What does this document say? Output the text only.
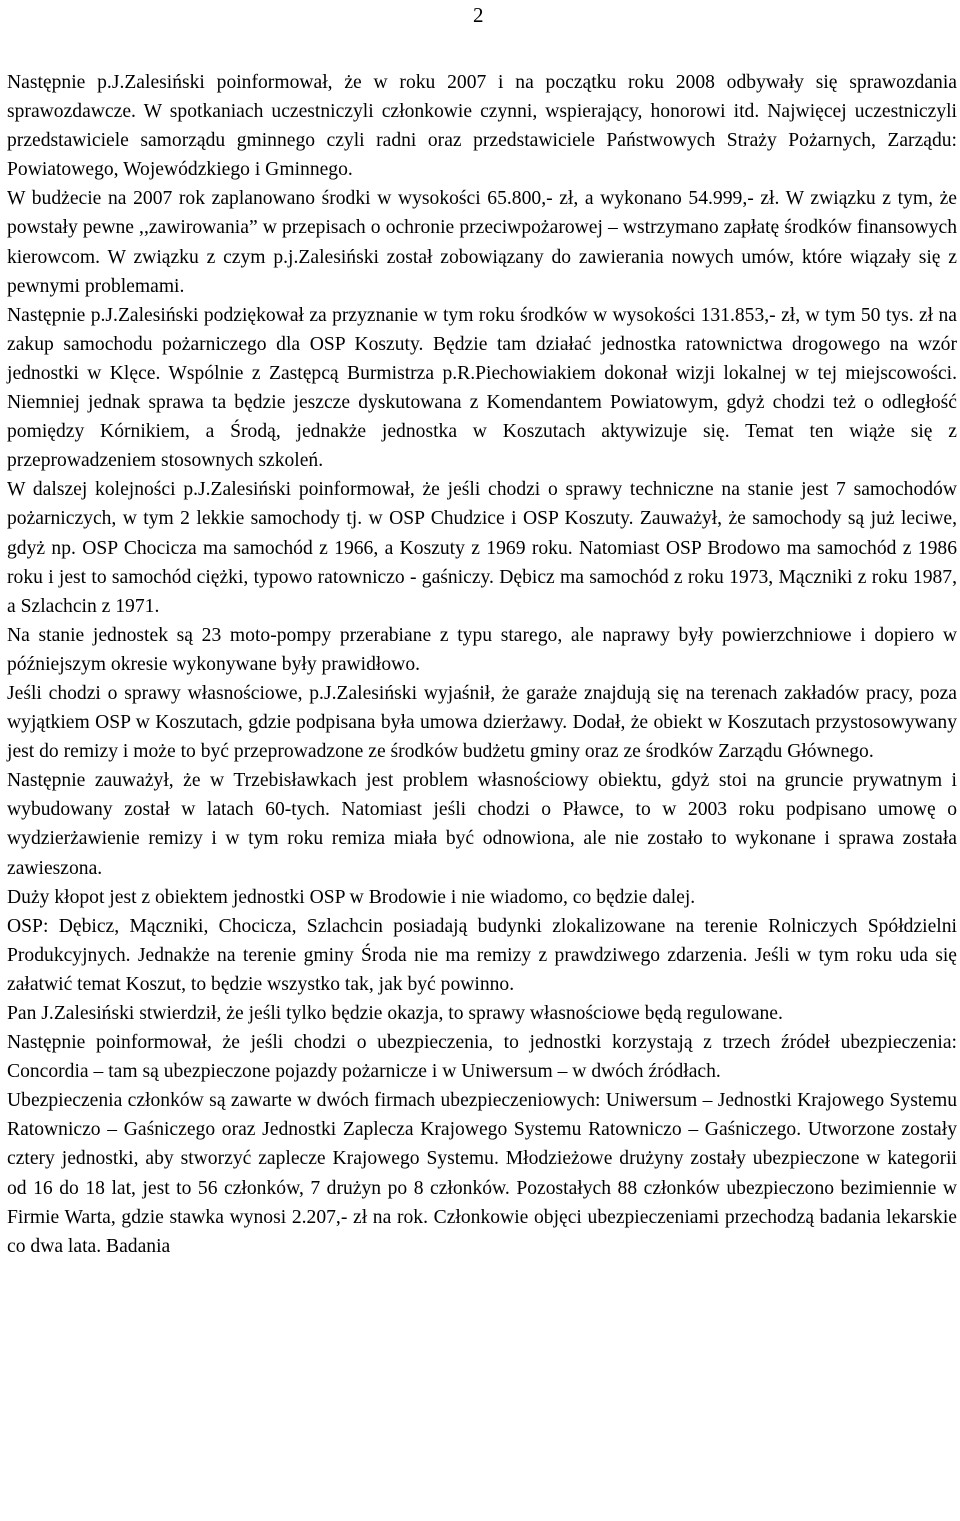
2

Następnie p.J.Zalesiński poinformował, że w roku 2007 i na początku roku 2008 odbywały się sprawozdania sprawozdawcze. W spotkaniach uczestniczyli członkowie czynni, wspierający, honorowi itd. Najwięcej uczestniczyli przedstawiciele samorządu gminnego czyli radni oraz przedstawiciele Państwowych Straży Pożarnych, Zarządu: Powiatowego, Wojewódzkiego i Gminnego.

W budżecie na 2007 rok zaplanowano środki w wysokości 65.800,- zł, a wykonano 54.999,- zł. W związku z tym, że powstały pewne ,,zawirowania” w przepisach o ochronie przeciwpożarowej – wstrzymano zapłatę środków finansowych kierowcom. W związku z czym p.j.Zalesiński został zobowiązany do zawierania nowych umów, które wiązały się z pewnymi problemami.

Następnie p.J.Zalesiński podziękował za przyznanie w tym roku środków w wysokości 131.853,- zł, w tym 50 tys. zł na zakup samochodu pożarniczego dla OSP Koszuty. Będzie tam działać jednostka ratownictwa drogowego na wzór jednostki w Klęce. Wspólnie z Zastępcą Burmistrza p.R.Piechowiakiem dokonał wizji lokalnej w tej miejscowości. Niemniej jednak sprawa ta będzie jeszcze dyskutowana z Komendantem Powiatowym, gdyż chodzi też o odległość pomiędzy Kórnikiem, a Środą, jednakże jednostka w Koszutach aktywizuje się. Temat ten wiąże się z przeprowadzeniem stosownych szkoleń.

W dalszej kolejności p.J.Zalesiński poinformował, że jeśli chodzi o sprawy techniczne na stanie jest 7 samochodów pożarniczych, w tym 2 lekkie samochody tj. w OSP Chudzice i OSP Koszuty. Zauważył, że samochody są już leciwe, gdyż np. OSP Chocicza ma samochód z 1966, a Koszuty z 1969 roku. Natomiast OSP Brodowo ma samochód z 1986 roku i jest to samochód ciężki, typowo ratowniczo - gaśniczy. Dębicz ma samochód z roku 1973, Mączniki z roku 1987, a Szlachcin z 1971.

Na stanie jednostek są 23 moto-pompy przerabiane z typu starego, ale naprawy były powierzchniowe i dopiero w późniejszym okresie wykonywane były prawidłowo.

Jeśli chodzi o sprawy własnościowe, p.J.Zalesiński wyjaśnił, że garaże znajdują się na terenach zakładów pracy, poza wyjątkiem OSP w Koszutach, gdzie podpisana była umowa dzierżawy. Dodał, że obiekt w Koszutach przystosowywany jest do remizy i może to być przeprowadzone ze środków budżetu gminy oraz ze środków Zarządu Głównego.

Następnie zauważył, że w Trzebisławkach jest problem własnościowy obiektu, gdyż stoi na gruncie prywatnym i wybudowany został w latach 60-tych. Natomiast jeśli chodzi o Pławce, to w 2003 roku podpisano umowę o wydzierżawienie remizy i w tym roku remiza miała być odnowiona, ale nie zostało to wykonane i sprawa została zawieszona.

Duży kłopot jest z obiektem jednostki OSP w Brodowie i nie wiadomo, co będzie dalej.

OSP: Dębicz, Mączniki, Chocicza, Szlachcin posiadają budynki zlokalizowane na terenie Rolniczych Spółdzielni Produkcyjnych. Jednakże na terenie gminy Środa nie ma remizy z prawdziwego zdarzenia. Jeśli w tym roku uda się załatwić temat Koszut, to będzie wszystko tak, jak być powinno.

Pan J.Zalesiński stwierdził, że jeśli tylko będzie okazja, to sprawy własnościowe będą regulowane.

Następnie poinformował, że jeśli chodzi o ubezpieczenia, to jednostki korzystają z trzech źródeł ubezpieczenia: Concordia – tam są ubezpieczone pojazdy pożarnicze i w Uniwersum – w dwóch źródłach.

Ubezpieczenia członków są zawarte w dwóch firmach ubezpieczeniowych: Uniwersum – Jednostki Krajowego Systemu Ratowniczo – Gaśniczego oraz Jednostki Zaplecza Krajowego Systemu Ratowniczo – Gaśniczego. Utworzone zostały cztery jednostki, aby stworzyć zaplecze Krajowego Systemu. Młodzieżowe drużyny zostały ubezpieczone w kategorii od 16 do 18 lat, jest to 56 członków, 7 drużyn po 8 członków. Pozostałych 88 członków ubezpieczono bezimiennie w Firmie Warta, gdzie stawka wynosi 2.207,- zł na rok. Członkowie objęci ubezpieczeniami przechodzą badania lekarskie co dwa lata. Badania
